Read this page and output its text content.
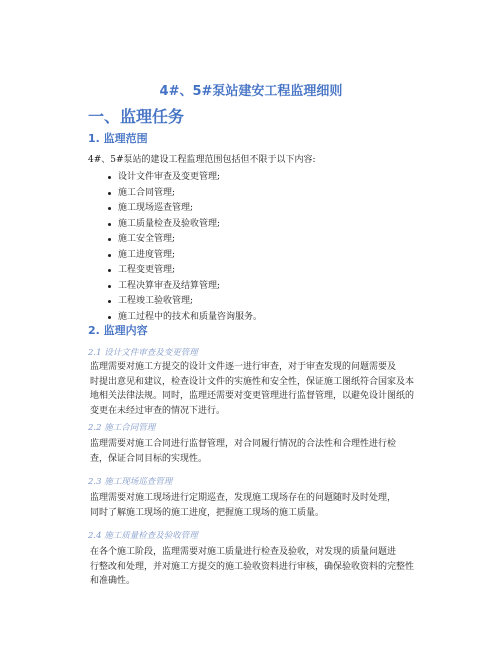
4#、5#泵站建安工程监理细则
一、监理任务
1. 监理范围
4#、5#泵站的建设工程监理范围包括但不限于以下内容:
设计文件审查及变更管理;
施工合同管理;
施工现场巡查管理;
施工质量检查及验收管理;
施工安全管理;
施工进度管理;
工程变更管理;
工程决算审查及结算管理;
工程竣工验收管理;
施工过程中的技术和质量咨询服务。
2. 监理内容
2.1 设计文件审查及变更管理
监理需要对施工方提交的设计文件逐一进行审查，对于审查发现的问题需要及
时提出意见和建议，检查设计文件的实施性和安全性，保证施工图纸符合国家及本
地相关法律法规。同时，监理还需要对变更管理进行监督管理，以避免设计图纸的
变更在未经过审查的情况下进行。
2.2 施工合同管理
监理需要对施工合同进行监督管理，对合同履行情况的合法性和合理性进行检
查，保证合同目标的实现性。
2.3 施工现场巡查管理
监理需要对施工现场进行定期巡查，发现施工现场存在的问题随时及时处理，
同时了解施工现场的施工进度，把握施工现场的施工质量。
2.4 施工质量检查及验收管理
在各个施工阶段，监理需要对施工质量进行检查及验收，对发现的质量问题进
行整改和处理，并对施工方提交的施工验收资料进行审核，确保验收资料的完整性
和准确性。
